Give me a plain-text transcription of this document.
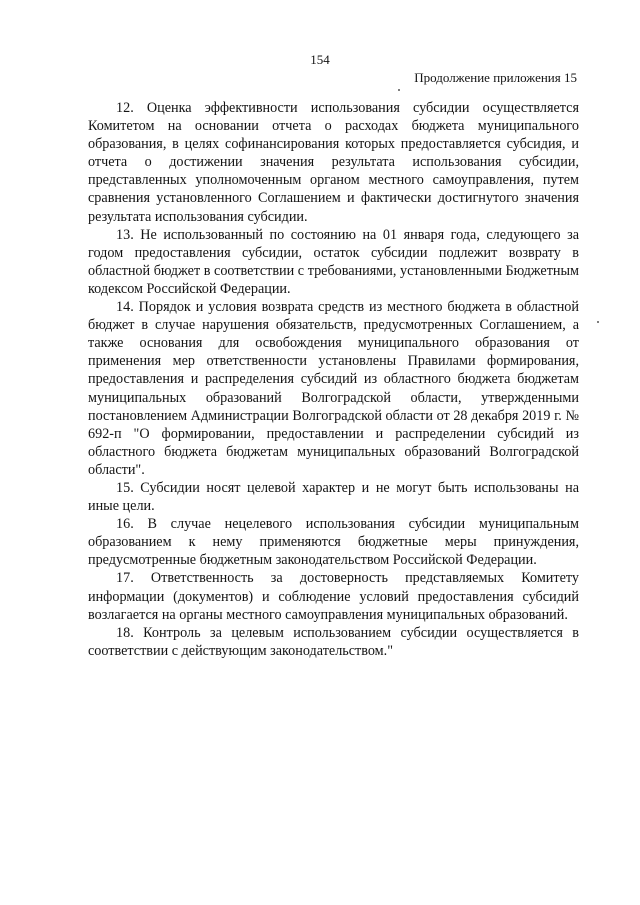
154
Продолжение приложения 15

12. Оценка эффективности использования субсидии осуществляется Комитетом на основании отчета о расходах бюджета муниципального образования, в целях софинансирования которых предоставляется субсидия, и отчета о достижении значения результата использования субсидии, представленных уполномоченным органом местного самоуправления, путем сравнения установленного Соглашением и фактически достигнутого значения результата использования субсидии.

13. Не использованный по состоянию на 01 января года, следующего за годом предоставления субсидии, остаток субсидии подлежит возврату в областной бюджет в соответствии с требованиями, установленными Бюджетным кодексом Российской Федерации.

14. Порядок и условия возврата средств из местного бюджета в областной бюджет в случае нарушения обязательств, предусмотренных Соглашением, а также основания для освобождения муниципального образования от применения мер ответственности установлены Правилами формирования, предоставления и распределения субсидий из областного бюджета бюджетам муниципальных образований Волгоградской области, утвержденными постановлением Администрации Волгоградской области от 28 декабря 2019 г. № 692-п "О формировании, предоставлении и распределении субсидий из областного бюджета бюджетам муниципальных образований Волгоградской области".

15. Субсидии носят целевой характер и не могут быть использованы на иные цели.

16. В случае нецелевого использования субсидии муниципальным образованием к нему применяются бюджетные меры принуждения, предусмотренные бюджетным законодательством Российской Федерации.

17. Ответственность за достоверность представляемых Комитету информации (документов) и соблюдение условий предоставления субсидий возлагается на органы местного самоуправления муниципальных образований.

18. Контроль за целевым использованием субсидии осуществляется в соответствии с действующим законодательством."
